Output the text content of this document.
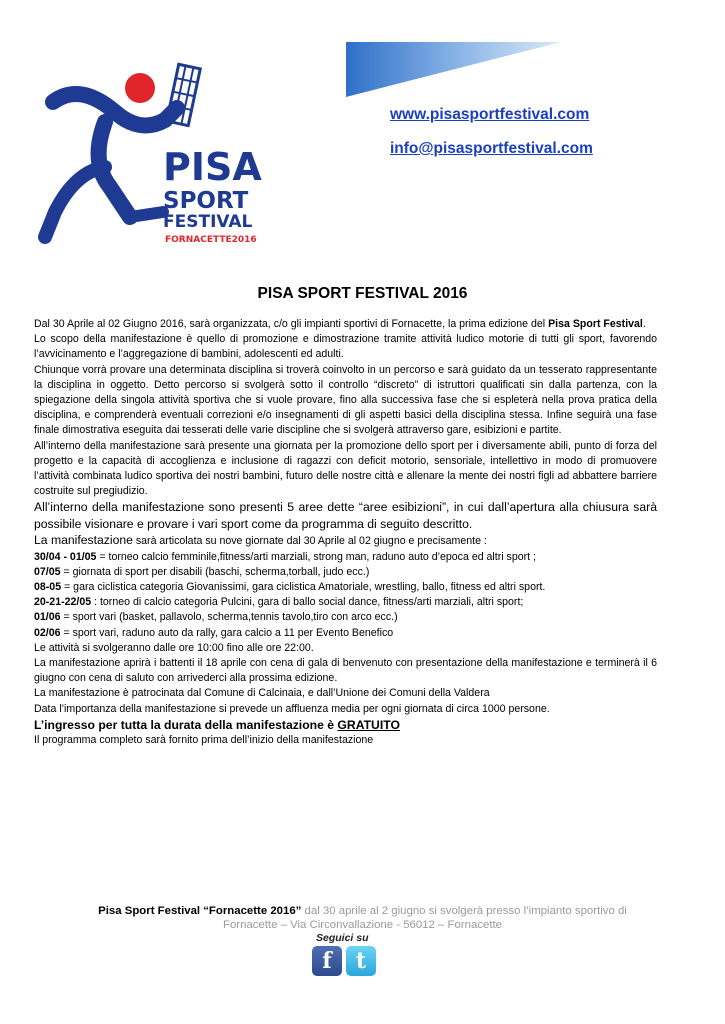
PISA
SPORT
FESTIVAL
FORNACETTE2016
www.pisasportfestival.com
info@pisasportfestival.com
PISA SPORT FESTIVAL 2016

Dal 30 Aprile al 02 Giugno 2016, sarà organizzata, c/o gli impianti sportivi di Fornacette, la prima edizione del Pisa Sport Festival.

Lo scopo della manifestazione è quello di promozione e dimostrazione tramite attività ludico motorie di tutti gli sport, favorendo l’avvicinamento e l’aggregazione di bambini, adolescenti ed adulti.

Chiunque vorrà provare una determinata disciplina si troverà coinvolto in un percorso e sarà guidato da un tesserato rappresentante la disciplina in oggetto. Detto percorso si svolgerà sotto il controllo “discreto” di istruttori qualificati sin dalla partenza, con la spiegazione della singola attività sportiva che si vuole provare, fino alla successiva fase che si espleterà nella prova pratica della disciplina, e comprenderà eventuali correzioni e/o insegnamenti di gli aspetti basici della disciplina stessa. Infine seguirà una fase finale dimostrativa eseguita dai tesserati delle varie discipline che si svolgerà attraverso gare, esibizioni e partite.

All’interno della manifestazione sarà presente una giornata per la promozione dello sport per i diversamente abili, punto di forza del progetto e la capacità di accoglienza e inclusione di ragazzi con deficit motorio, sensoriale, intellettivo in modo di promuovere l’attività combinata ludico sportiva dei nostri bambini, futuro delle nostre città e allenare la mente dei nostri figli ad abbattere barriere costruite sul pregiudizio.

All’interno della manifestazione sono presenti 5 aree dette “aree esibizioni”, in cui dall’apertura alla chiusura sarà possibile visionare e provare i vari sport come da programma di seguito descritto.

La manifestazione sarà articolata su nove giornate dal 30 Aprile al 02 giugno e precisamente :

30/04 - 01/05 = torneo calcio femminile,fitness/arti marziali, strong man, raduno auto d’epoca ed altri sport ;

07/05 = giornata di sport per disabili (baschi, scherma,torball, judo ecc.)

08-05 = gara ciclistica categoria Giovanissimi, gara ciclistica Amatoriale, wrestling, ballo, fitness ed altri sport.

20-21-22/05 : torneo di calcio categoria Pulcini, gara di ballo social dance, fitness/arti marziali, altri sport;

01/06 = sport vari (basket, pallavolo, scherma,tennis tavolo,tiro con arco ecc.)

02/06 = sport vari, raduno auto da rally, gara calcio a 11 per Evento Benefico

Le attività si svolgeranno dalle ore 10:00 fino alle ore 22:00.

La manifestazione aprirà i battenti il 18 aprile con cena di gala di benvenuto con presentazione della manifestazione e terminerà il 6 giugno con cena di saluto con arrivederci alla prossima edizione.

La manifestazione è patrocinata dal Comune di Calcinaia, e dall’Unione dei Comuni della Valdera

Data l’importanza della manifestazione si prevede un affluenza media per ogni giornata di circa 1000 persone.

L’ingresso per tutta la durata della manifestazione è GRATUITO

Il programma completo sarà fornito prima dell’inizio della manifestazione

Pisa Sport Festival “Fornacette 2016” dal 30 aprile al 2 giugno si svolgerà presso l’impianto sportivo di
Fornacette – Via Circonvallazione - 56012 – Fornacette
Seguici su
f	t
